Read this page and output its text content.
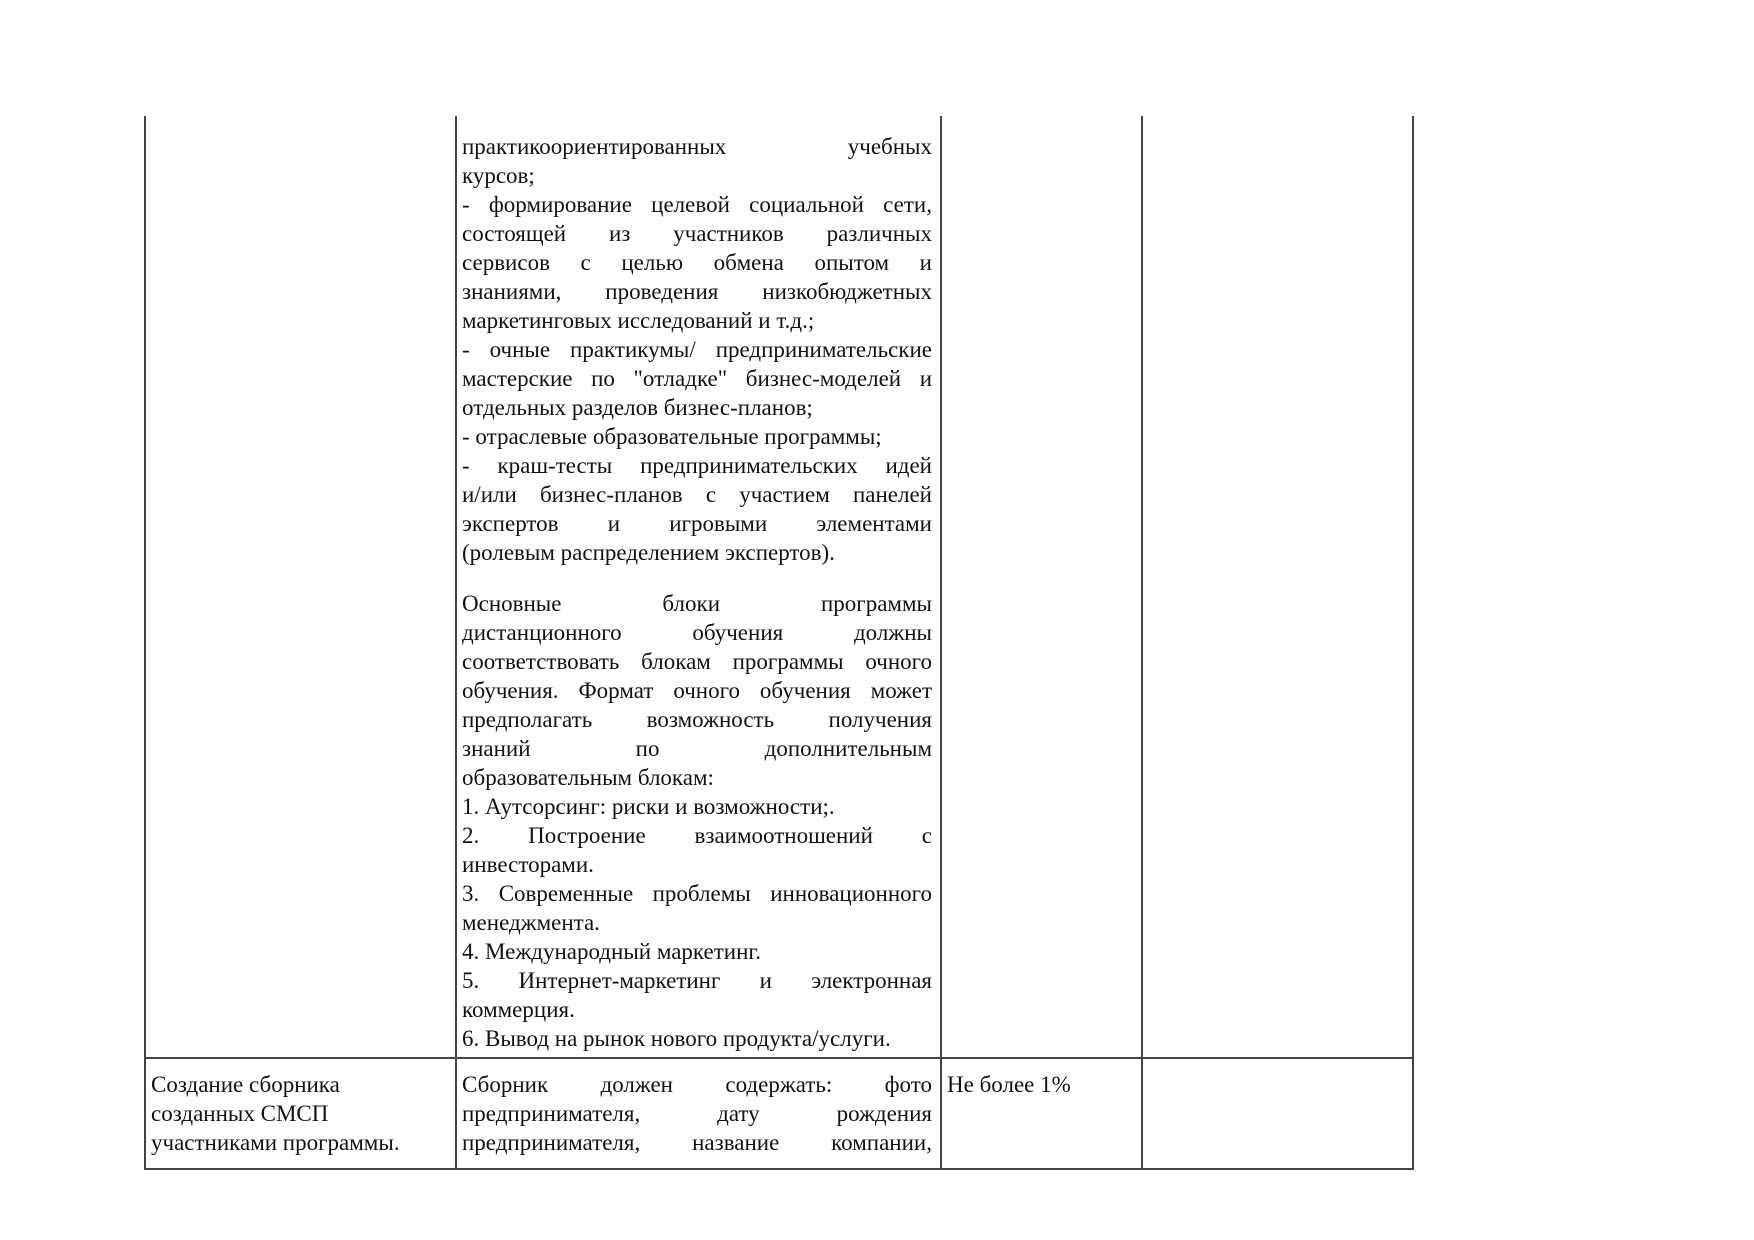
практикоориентированных учебных
курсов;
- формирование целевой социальной сети,
состоящей из участников различных
сервисов с целью обмена опытом и
знаниями, проведения низкобюджетных
маркетинговых исследований и т.д.;
- очные практикумы/ предпринимательские
мастерские по "отладке" бизнес-моделей и
отдельных разделов бизнес-планов;
- отраслевые образовательные программы;
- краш-тесты предпринимательских идей
и/или бизнес-планов с участием панелей
экспертов и игровыми элементами
(ролевым распределением экспертов).
Основные блоки программы
дистанционного обучения должны
соответствовать блокам программы очного
обучения. Формат очного обучения может
предполагать возможность получения
знаний по дополнительным
образовательным блокам:
1. Аутсорсинг: риски и возможности;.
2. Построение взаимоотношений с
инвесторами.
3. Современные проблемы инновационного
менеджмента.
4. Международный маркетинг.
5. Интернет-маркетинг и электронная
коммерция.
6. Вывод на рынок нового продукта/услуги.
Создание сборника
созданных СМСП
участниками программы.
Сборник должен содержать: фото
предпринимателя, дату рождения
предпринимателя, название компании,
Не более 1%
